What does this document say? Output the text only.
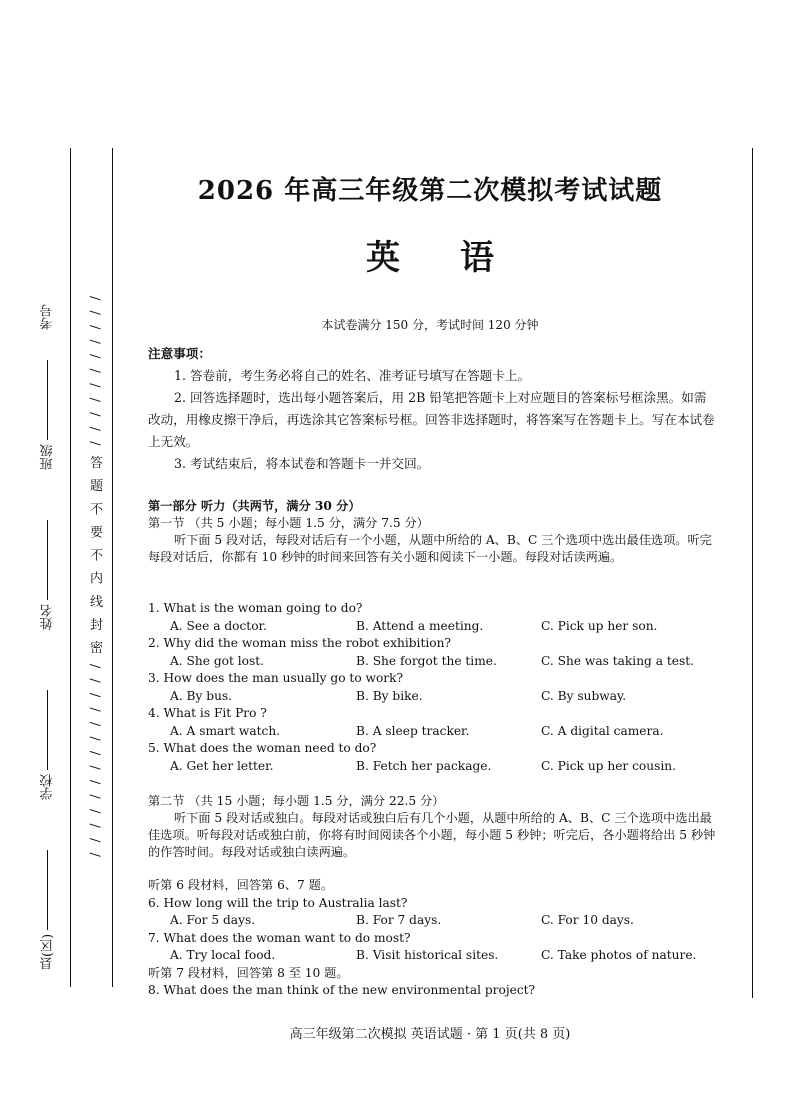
/ / / / / / / / / / / 答 题 不 要 不 内 线 封 密 / / / / / / / / / / / / / /
考号
班级
姓名
学校
县(区)
2026 年高三年级第二次模拟考试试题
英语
本试卷满分 150 分，考试时间 120 分钟

注意事项：

1. 答卷前，考生务必将自己的姓名、准考证号填写在答题卡上。

2. 回答选择题时，选出每小题答案后，用 2B 铅笔把答题卡上对应题目的答案标号框涂黑。如需改动，用橡皮擦干净后，再选涂其它答案标号框。回答非选择题时，将答案写在答题卡上。写在本试卷上无效。

3. 考试结束后，将本试卷和答题卡一并交回。

第一部分 听力（共两节，满分 30 分）

第一节 （共 5 小题；每小题 1.5 分，满分 7.5 分）

听下面 5 段对话，每段对话后有一个小题，从题中所给的 A、B、C 三个选项中选出最佳选项。听完每段对话后，你都有 10 秒钟的时间来回答有关小题和阅读下一小题。每段对话读两遍。

1. What is the woman going to do?

A. See a doctor.	B. Attend a meeting.	C. Pick up her son.

2. Why did the woman miss the robot exhibition?

A. She got lost.	B. She forgot the time.	C. She was taking a test.

3. How does the man usually go to work?

A. By bus.	B. By bike.	C. By subway.

4. What is Fit Pro ?

A. A smart watch.	B. A sleep tracker.	C. A digital camera.

5. What does the woman need to do?

A. Get her letter.	B. Fetch her package.	C. Pick up her cousin.

第二节 （共 15 小题；每小题 1.5 分，满分 22.5 分）

听下面 5 段对话或独白。每段对话或独白后有几个小题，从题中所给的 A、B、C 三个选项中选出最佳选项。听每段对话或独白前，你将有时间阅读各个小题，每小题 5 秒钟；听完后，各小题将给出 5 秒钟的作答时间。每段对话或独白读两遍。

听第 6 段材料，回答第 6、7 题。

6. How long will the trip to Australia last?

A. For 5 days.	B. For 7 days.	C. For 10 days.

7. What does the woman want to do most?

A. Try local food.	B. Visit historical sites.	C. Take photos of nature.

听第 7 段材料，回答第 8 至 10 题。

8. What does the man think of the new environmental project?

高三年级第二次模拟 英语试题 · 第 1 页(共 8 页)
